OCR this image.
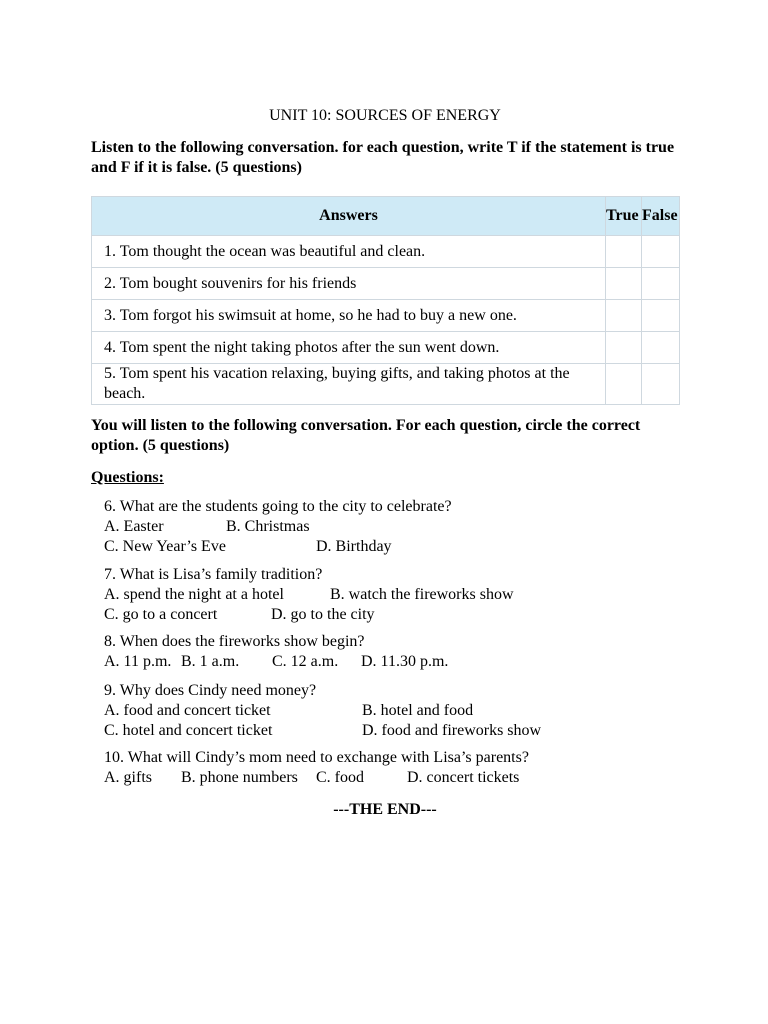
UNIT 10: SOURCES OF ENERGY
Listen to the following conversation. for each question, write T if the statement is true and F if it is false. (5 questions)
Answers	True	False
1. Tom thought the ocean was beautiful and clean.		
2. Tom bought souvenirs for his friends		
3. Tom forgot his swimsuit at home, so he had to buy a new one.		
4. Tom spent the night taking photos after the sun went down.		
5. Tom spent his vacation relaxing, buying gifts, and taking photos at the beach.		
You will listen to the following conversation. For each question, circle the correct option. (5 questions)
Questions:
6. What are the students going to the city to celebrate?
A. Easter	B. Christmas
C. New Year’s Eve	D. Birthday
7. What is Lisa’s family tradition?
A. spend the night at a hotel	B. watch the fireworks show
C. go to a concert	D. go to the city
8. When does the fireworks show begin?
A. 11 p.m. B. 1 a.m. C. 12 a.m. D. 11.30 p.m.
9. Why does Cindy need money?
A. food and concert ticket	B. hotel and food
C. hotel and concert ticket	D. food and fireworks show
10. What will Cindy’s mom need to exchange with Lisa’s parents?
A. gifts B. phone numbers C. food	D. concert tickets
---THE END---
